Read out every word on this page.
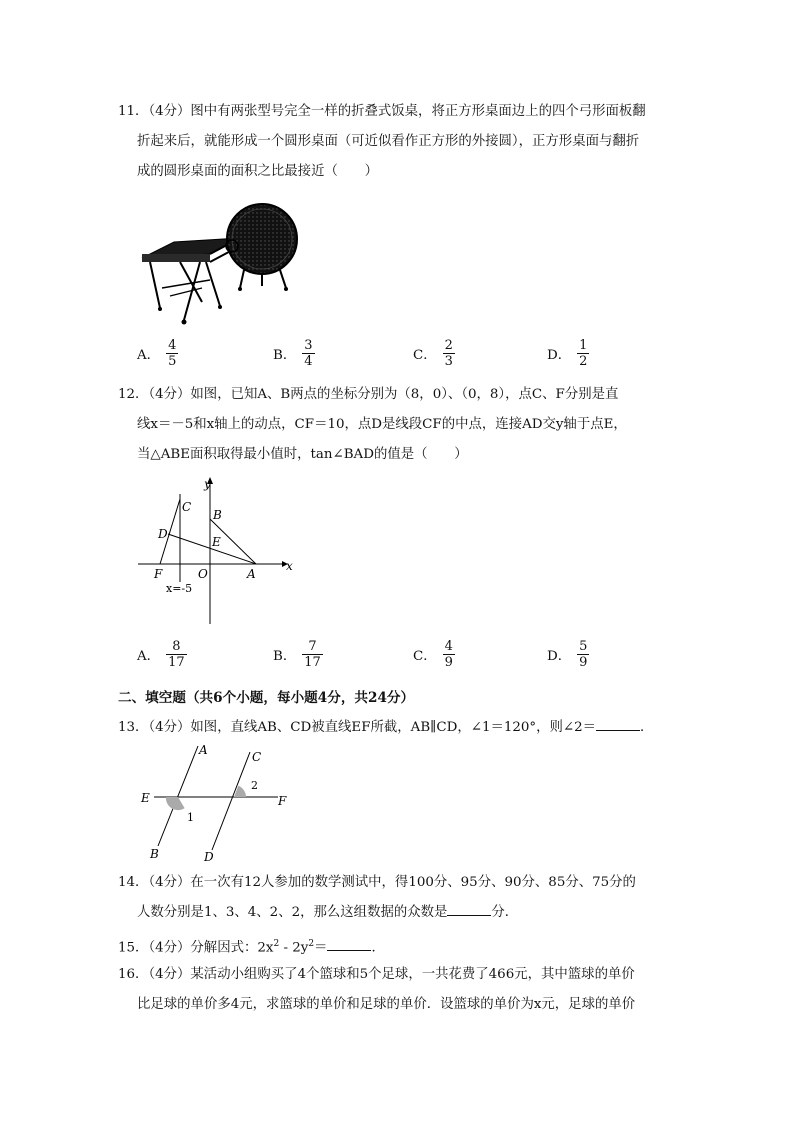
11．（4分）图中有两张型号完全一样的折叠式饭桌，将正方形桌面边上的四个弓形面板翻
折起来后，就能形成一个圆形桌面（可近似看作正方形的外接圆），正方形桌面与翻折
成的圆形桌面的面积之比最接近（　　）
A． $\frac{4}{5}$	B． $\frac{3}{4}$	C． $\frac{2}{3}$	D． $\frac{1}{2}$
12．（4分）如图，已知A、B两点的坐标分别为（8，0）、（0，8），点C、F分别是直
线x＝－5和x轴上的动点，CF＝10，点D是线段CF的中点，连接AD交y轴于点E，
当△ABE面积取得最小值时，tan∠BAD的值是（　　）
y
x
C
B
D
E
F	O	A
x=-5
A． $\frac{8}{17}$	B． $\frac{7}{17}$	C． $\frac{4}{9}$	D． $\frac{5}{9}$
二、填空题（共6个小题，每小题4分，共24分）
13．（4分）如图，直线AB、CD被直线EF所截，AB∥CD，∠1＝120°，则∠2＝	．
A	C
E	F
B	D
1
2
14．（4分）在一次有12人参加的数学测试中，得100分、95分、90分、85分、75分的
人数分别是1、3、4、2、2，那么这组数据的众数是	分．
15．（4分）分解因式：$2x^2 - 2y^2=$	．
16．（4分）某活动小组购买了4个篮球和5个足球，一共花费了466元，其中篮球的单价
比足球的单价多4元，求篮球的单价和足球的单价．设篮球的单价为x元，足球的单价
